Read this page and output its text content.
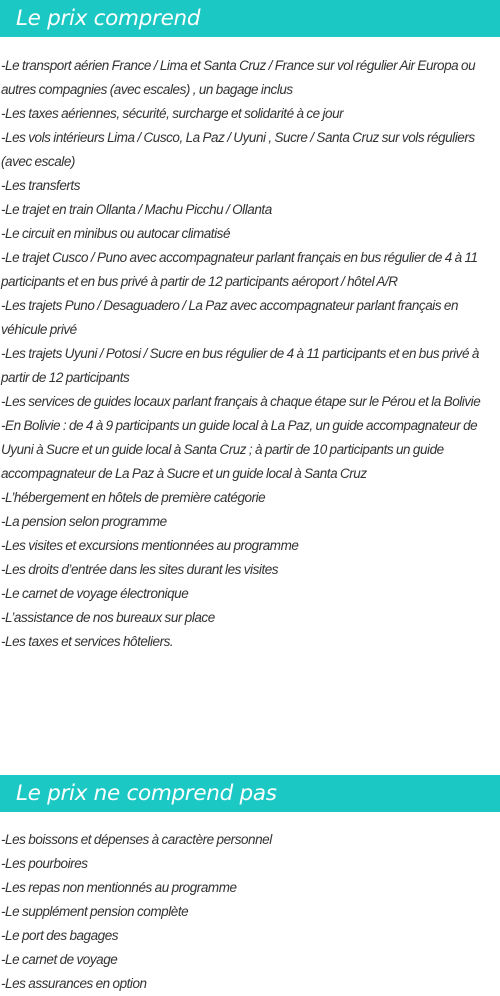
Le prix comprend
-Le transport aérien France / Lima et Santa Cruz / France sur vol régulier Air Europa ou autres compagnies (avec escales) , un bagage inclus
-Les taxes aériennes, sécurité, surcharge et solidarité à ce jour
-Les vols intérieurs Lima / Cusco, La Paz / Uyuni , Sucre / Santa Cruz sur vols réguliers (avec escale)
-Les transferts
-Le trajet en train Ollanta / Machu Picchu / Ollanta
-Le circuit en minibus ou autocar climatisé
-Le trajet Cusco / Puno avec accompagnateur parlant français en bus régulier de 4 à 11 participants et en bus privé à partir de 12 participants aéroport / hôtel A/R
-Les trajets Puno / Desaguadero / La Paz avec accompagnateur parlant français en véhicule privé
-Les trajets Uyuni / Potosi / Sucre en bus régulier de 4 à 11 participants et en bus privé à partir de 12 participants
-Les services de guides locaux parlant français à chaque étape sur le Pérou et la Bolivie
-En Bolivie : de 4 à 9 participants un guide local à La Paz, un guide accompagnateur de Uyuni à Sucre et un guide local à Santa Cruz ; à partir de 10 participants un guide accompagnateur de La Paz à Sucre et un guide local à Santa Cruz
-L’hébergement en hôtels de première catégorie
-La pension selon programme
-Les visites et excursions mentionnées au programme
-Les droits d’entrée dans les sites durant les visites
-Le carnet de voyage électronique
-L’assistance de nos bureaux sur place
-Les taxes et services hôteliers.
Le prix ne comprend pas
-Les boissons et dépenses à caractère personnel
-Les pourboires
-Les repas non mentionnés au programme
-Le supplément pension complète
-Le port des bagages
-Le carnet de voyage
-Les assurances en option
